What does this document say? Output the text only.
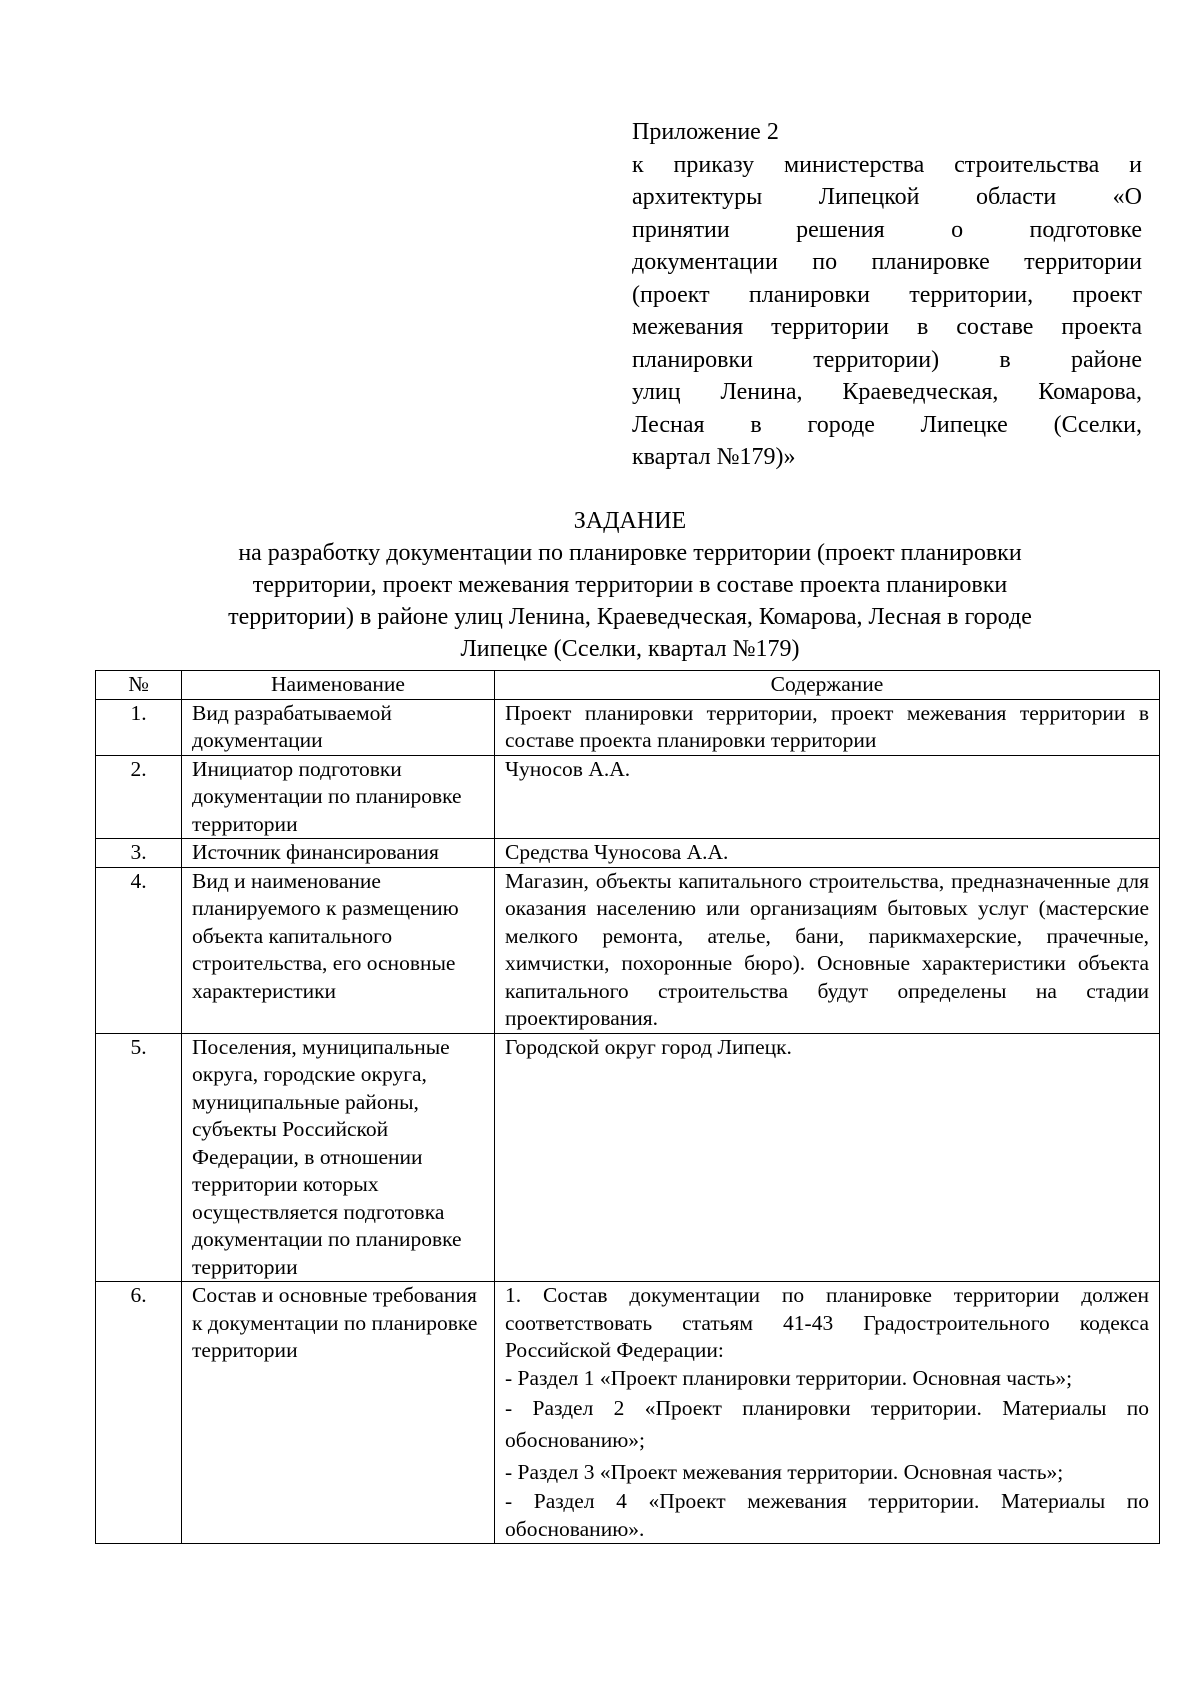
Приложение 2
к приказу министерства строительства и
архитектуры Липецкой области «О
принятии решения о подготовке
документации по планировке территории
(проект планировки территории, проект
межевания территории в составе проекта
планировки территории) в районе
улиц Ленина, Краеведческая, Комарова,
Лесная в городе Липецке (Сселки,
квартал №179)»
ЗАДАНИЕ
на разработку документации по планировке территории (проект планировки
территории, проект межевания территории в составе проекта планировки
территории) в районе улиц Ленина, Краеведческая, Комарова, Лесная в городе
Липецке (Сселки, квартал №179)
№	Наименование	Содержание
1.	Вид разрабатываемой документации	Проект планировки территории, проект межевания территории в составе проекта планировки территории
2.	Инициатор подготовки документации по планировке территории	Чуносов А.А.
3.	Источник финансирования	Средства Чуносова А.А.
4.	Вид и наименование планируемого к размещению объекта капитального строительства, его основные характеристики	Магазин, объекты капитального строительства, предназначенные для оказания населению или организациям бытовых услуг (мастерские мелкого ремонта, ателье, бани, парикмахерские, прачечные, химчистки, похоронные бюро). Основные характеристики объекта капитального строительства будут определены на стадии проектирования.
5.	Поселения, муниципальные округа, городские округа, муниципальные районы, субъекты Российской Федерации, в отношении территории которых осуществляется подготовка документации по планировке территории	Городской округ город Липецк.
6.	Состав и основные требования к документации по планировке территории	1. Состав документации по планировке территории должен соответствовать статьям 41-43 Градостроительного кодекса Российской Федерации:
- Раздел 1 «Проект планировки территории. Основная часть»;
- Раздел 2 «Проект планировки территории. Материалы по обоснованию»;
- Раздел 3 «Проект межевания территории. Основная часть»;
- Раздел 4 «Проект межевания территории. Материалы по обоснованию».
